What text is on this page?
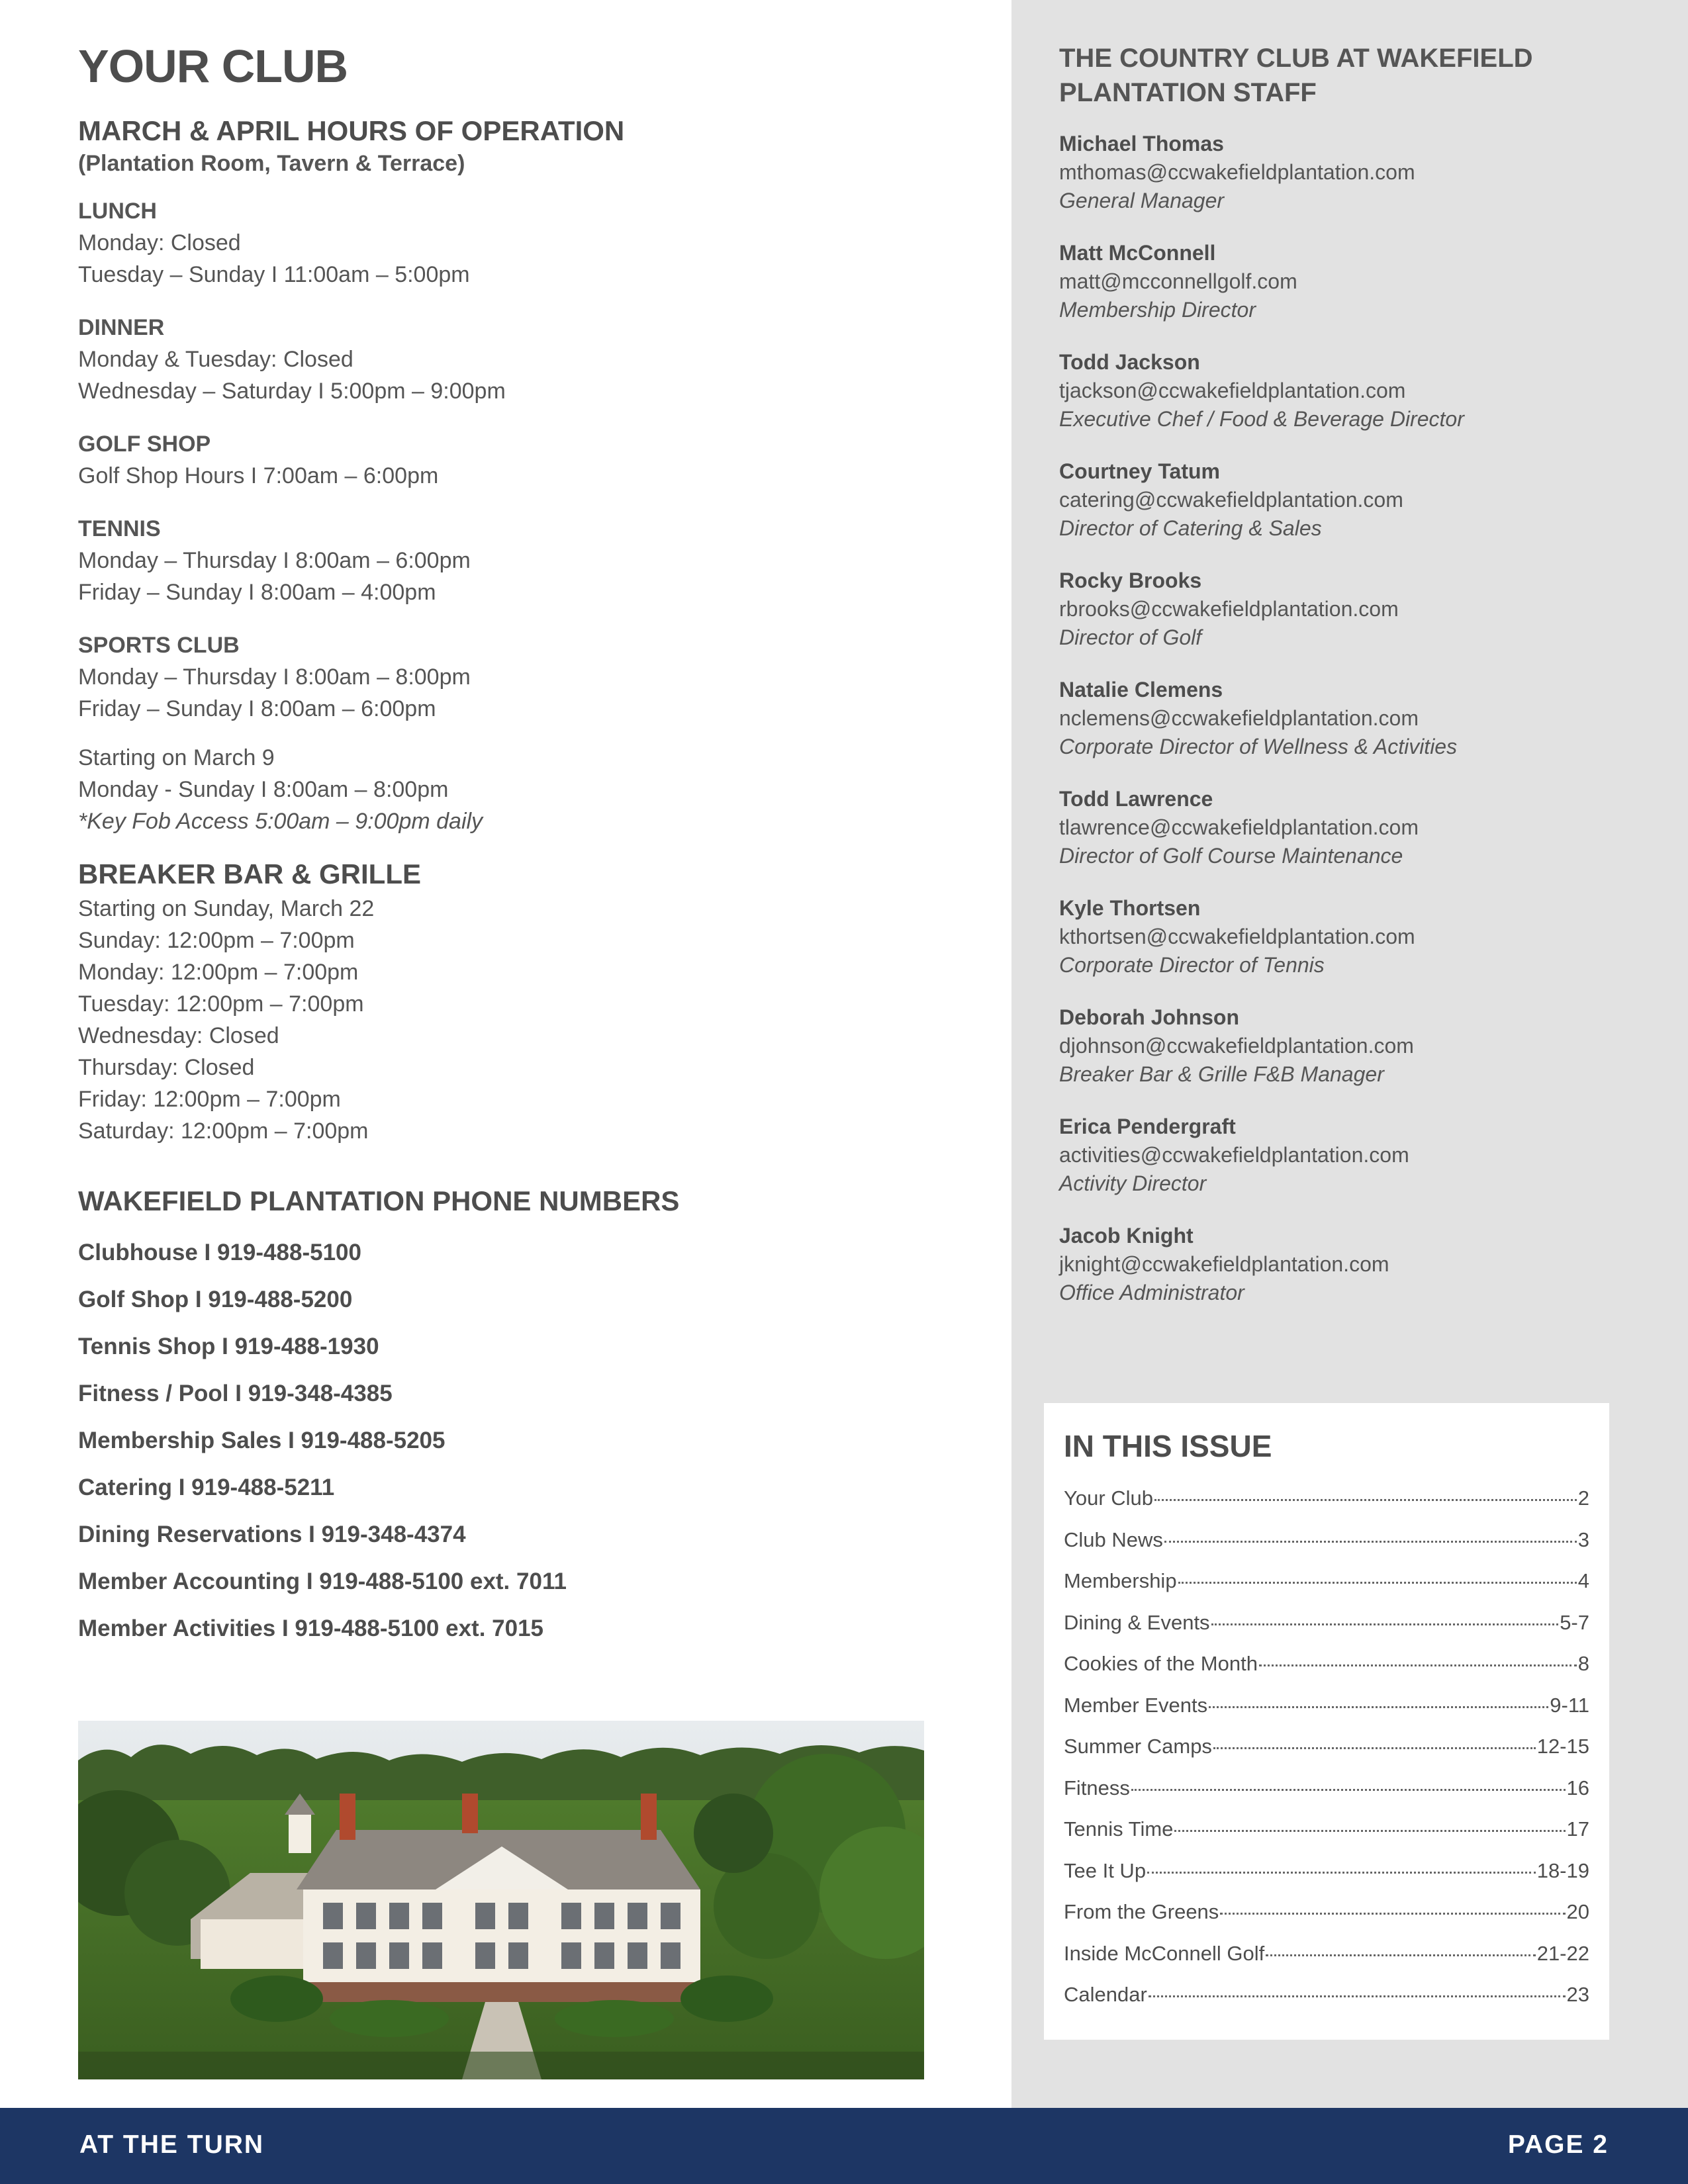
YOUR CLUB
MARCH & APRIL HOURS OF OPERATION
(Plantation Room, Tavern & Terrace)
LUNCH
Monday: Closed
Tuesday – Sunday I 11:00am – 5:00pm
DINNER
Monday & Tuesday: Closed
Wednesday – Saturday I 5:00pm – 9:00pm
GOLF SHOP
Golf Shop Hours I 7:00am – 6:00pm
TENNIS
Monday – Thursday I 8:00am – 6:00pm
Friday – Sunday I 8:00am – 4:00pm
SPORTS CLUB
Monday – Thursday I 8:00am – 8:00pm
Friday – Sunday I 8:00am – 6:00pm
Starting on March 9
Monday - Sunday I 8:00am – 8:00pm
*Key Fob Access 5:00am – 9:00pm daily
BREAKER BAR & GRILLE
Starting on Sunday, March 22
Sunday: 12:00pm – 7:00pm
Monday: 12:00pm – 7:00pm
Tuesday: 12:00pm – 7:00pm
Wednesday: Closed
Thursday: Closed
Friday: 12:00pm – 7:00pm
Saturday: 12:00pm – 7:00pm
WAKEFIELD PLANTATION PHONE NUMBERS
Clubhouse I 919-488-5100
Golf Shop I 919-488-5200
Tennis Shop I 919-488-1930
Fitness / Pool I 919-348-4385
Membership Sales I 919-488-5205
Catering I 919-488-5211
Dining Reservations I 919-348-4374
Member Accounting I 919-488-5100 ext. 7011
Member Activities I 919-488-5100 ext. 7015
THE COUNTRY CLUB AT WAKEFIELD PLANTATION STAFF
Michael Thomas
mthomas@ccwakefieldplantation.com
General Manager
Matt McConnell
matt@mcconnellgolf.com
Membership Director
Todd Jackson
tjackson@ccwakefieldplantation.com
Executive Chef / Food & Beverage Director
Courtney Tatum
catering@ccwakefieldplantation.com
Director of Catering & Sales
Rocky Brooks
rbrooks@ccwakefieldplantation.com
Director of Golf
Natalie Clemens
nclemens@ccwakefieldplantation.com
Corporate Director of Wellness & Activities
Todd Lawrence
tlawrence@ccwakefieldplantation.com
Director of Golf Course Maintenance
Kyle Thortsen
kthortsen@ccwakefieldplantation.com
Corporate Director of Tennis
Deborah Johnson
djohnson@ccwakefieldplantation.com
Breaker Bar & Grille F&B Manager
Erica Pendergraft
activities@ccwakefieldplantation.com
Activity Director
Jacob Knight
jknight@ccwakefieldplantation.com
Office Administrator
IN THIS ISSUE
Your Club	2
Club News	3
Membership	4
Dining & Events	5-7
Cookies of the Month	8
Member Events	9-11
Summer Camps	12-15
Fitness	16
Tennis Time	17
Tee It Up	18-19
From the Greens	20
Inside McConnell Golf	21-22
Calendar	23
AT THE TURN	PAGE 2
